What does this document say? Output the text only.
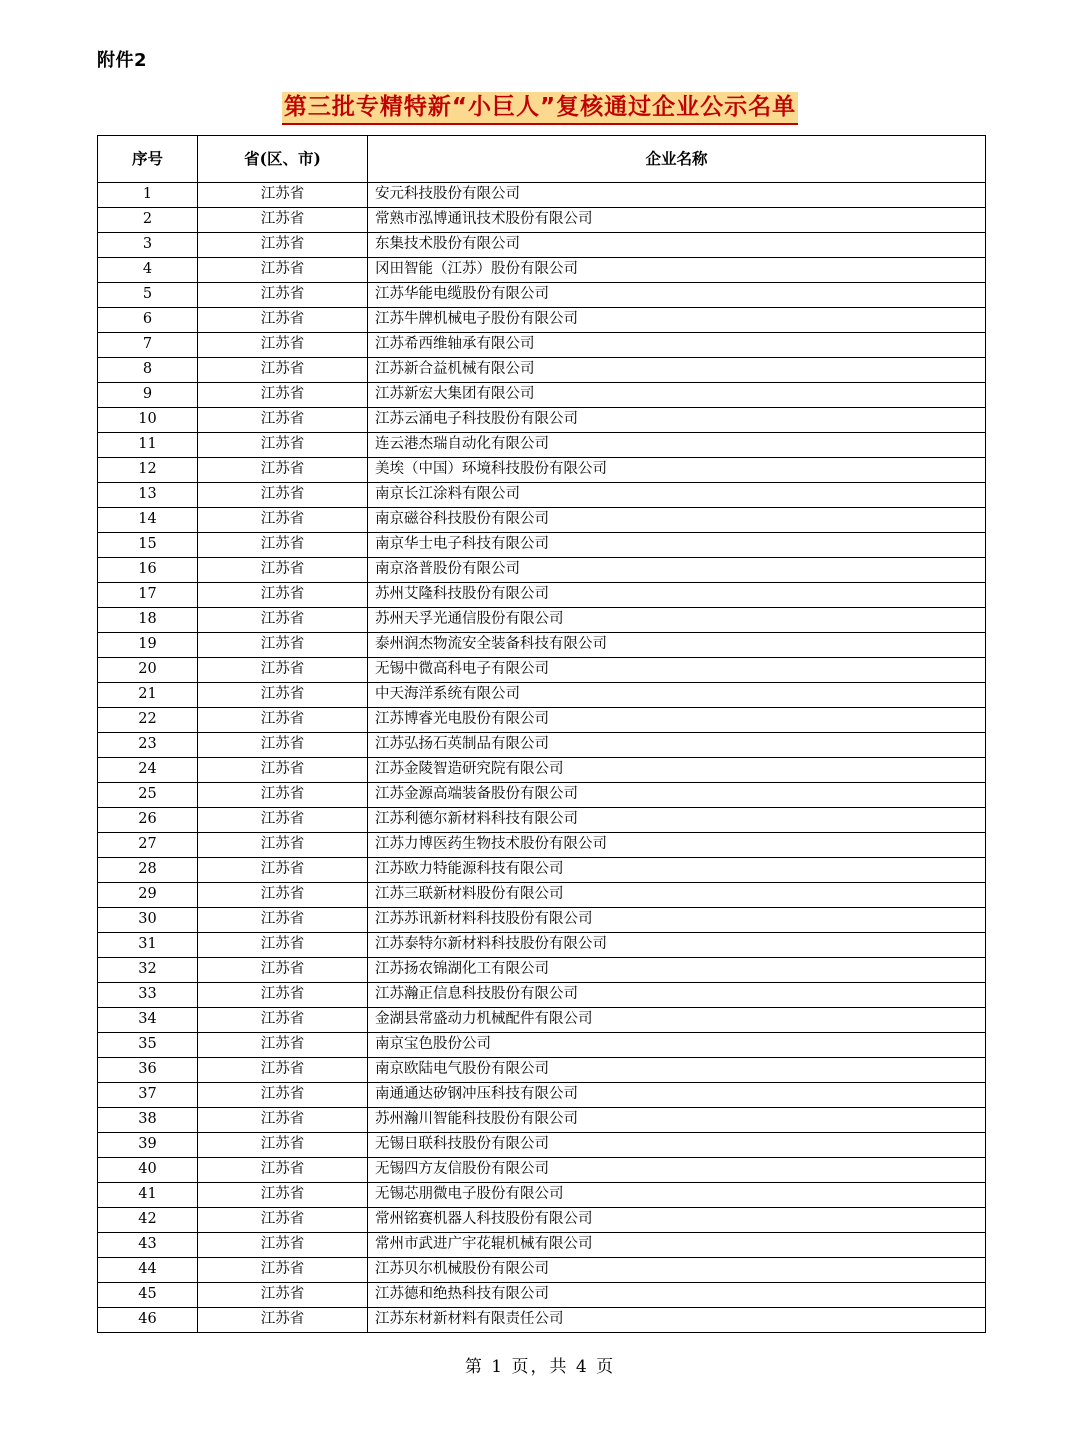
附件2
第三批专精特新“小巨人”复核通过企业公示名单
序号	省(区、市)	企业名称
1	江苏省	安元科技股份有限公司
2	江苏省	常熟市泓博通讯技术股份有限公司
3	江苏省	东集技术股份有限公司
4	江苏省	冈田智能（江苏）股份有限公司
5	江苏省	江苏华能电缆股份有限公司
6	江苏省	江苏牛牌机械电子股份有限公司
7	江苏省	江苏希西维轴承有限公司
8	江苏省	江苏新合益机械有限公司
9	江苏省	江苏新宏大集团有限公司
10	江苏省	江苏云涌电子科技股份有限公司
11	江苏省	连云港杰瑞自动化有限公司
12	江苏省	美埃（中国）环境科技股份有限公司
13	江苏省	南京长江涂料有限公司
14	江苏省	南京磁谷科技股份有限公司
15	江苏省	南京华士电子科技有限公司
16	江苏省	南京洛普股份有限公司
17	江苏省	苏州艾隆科技股份有限公司
18	江苏省	苏州天孚光通信股份有限公司
19	江苏省	泰州润杰物流安全装备科技有限公司
20	江苏省	无锡中微高科电子有限公司
21	江苏省	中天海洋系统有限公司
22	江苏省	江苏博睿光电股份有限公司
23	江苏省	江苏弘扬石英制品有限公司
24	江苏省	江苏金陵智造研究院有限公司
25	江苏省	江苏金源高端装备股份有限公司
26	江苏省	江苏利德尔新材料科技有限公司
27	江苏省	江苏力博医药生物技术股份有限公司
28	江苏省	江苏欧力特能源科技有限公司
29	江苏省	江苏三联新材料股份有限公司
30	江苏省	江苏苏讯新材料科技股份有限公司
31	江苏省	江苏泰特尔新材料科技股份有限公司
32	江苏省	江苏扬农锦湖化工有限公司
33	江苏省	江苏瀚正信息科技股份有限公司
34	江苏省	金湖县常盛动力机械配件有限公司
35	江苏省	南京宝色股份公司
36	江苏省	南京欧陆电气股份有限公司
37	江苏省	南通通达矽钢冲压科技有限公司
38	江苏省	苏州瀚川智能科技股份有限公司
39	江苏省	无锡日联科技股份有限公司
40	江苏省	无锡四方友信股份有限公司
41	江苏省	无锡芯朋微电子股份有限公司
42	江苏省	常州铭赛机器人科技股份有限公司
43	江苏省	常州市武进广宇花辊机械有限公司
44	江苏省	江苏贝尔机械股份有限公司
45	江苏省	江苏德和绝热科技有限公司
46	江苏省	江苏东材新材料有限责任公司
第 1 页，共 4 页
